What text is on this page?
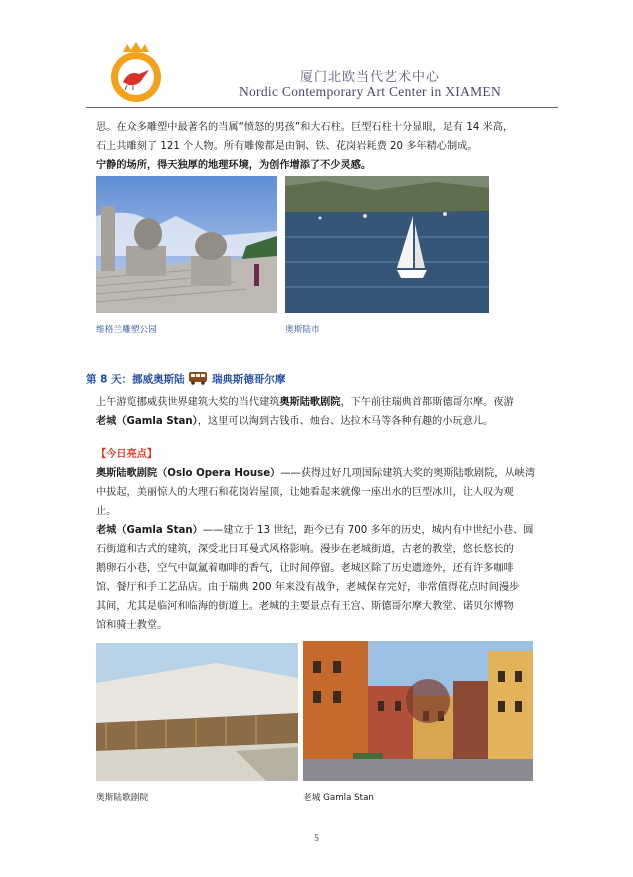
厦门北欧当代艺术中心
Nordic Contemporary Art Center in XIAMEN

思。在众多雕塑中最著名的当属“愤怒的男孩”和大石柱。巨型石柱十分显眼，足有 14 米高，

石上共雕刻了 121 个人物。所有雕像都是由铜、铁、花岗岩耗费 20 多年精心制成。

宁静的场所，得天独厚的地理环境，为创作增添了不少灵感。

维格兰雕塑公园	奥斯陆市
第 8 天：挪威奥斯陆	瑞典斯德哥尔摩

上午游览挪威获世界建筑大奖的当代建筑奥斯陆歌剧院，下午前往瑞典首都斯德哥尔摩。夜游

老城（Gamla Stan），这里可以淘到古钱币、烛台、达拉木马等各种有趣的小玩意儿。

【今日亮点】

奥斯陆歌剧院（Oslo Opera House）——获得过好几项国际建筑大奖的奥斯陆歌剧院，从峡湾

中拔起，美丽惊人的大理石和花岗岩屋顶，让她看起来就像一座出水的巨型冰川，让人叹为观

止。

老城（Gamla Stan）——建立于 13 世纪，距今已有 700 多年的历史，城内有中世纪小巷、圆

石街道和古式的建筑，深受北日耳曼式风格影响。漫步在老城街道，古老的教堂，悠长悠长的

鹅卵石小巷，空气中氤氲着咖啡的香气，让时间停留。老城区除了历史遗迹外，还有许多咖啡

馆、餐厅和手工艺品店。由于瑞典 200 年来没有战争，老城保存完好，非常值得花点时间漫步

其间，尤其是临河和临海的街道上。老城的主要景点有王宫、斯德哥尔摩大教堂、诺贝尔博物

馆和骑士教堂。

奥斯陆歌剧院	老城 Gamla Stan
5
